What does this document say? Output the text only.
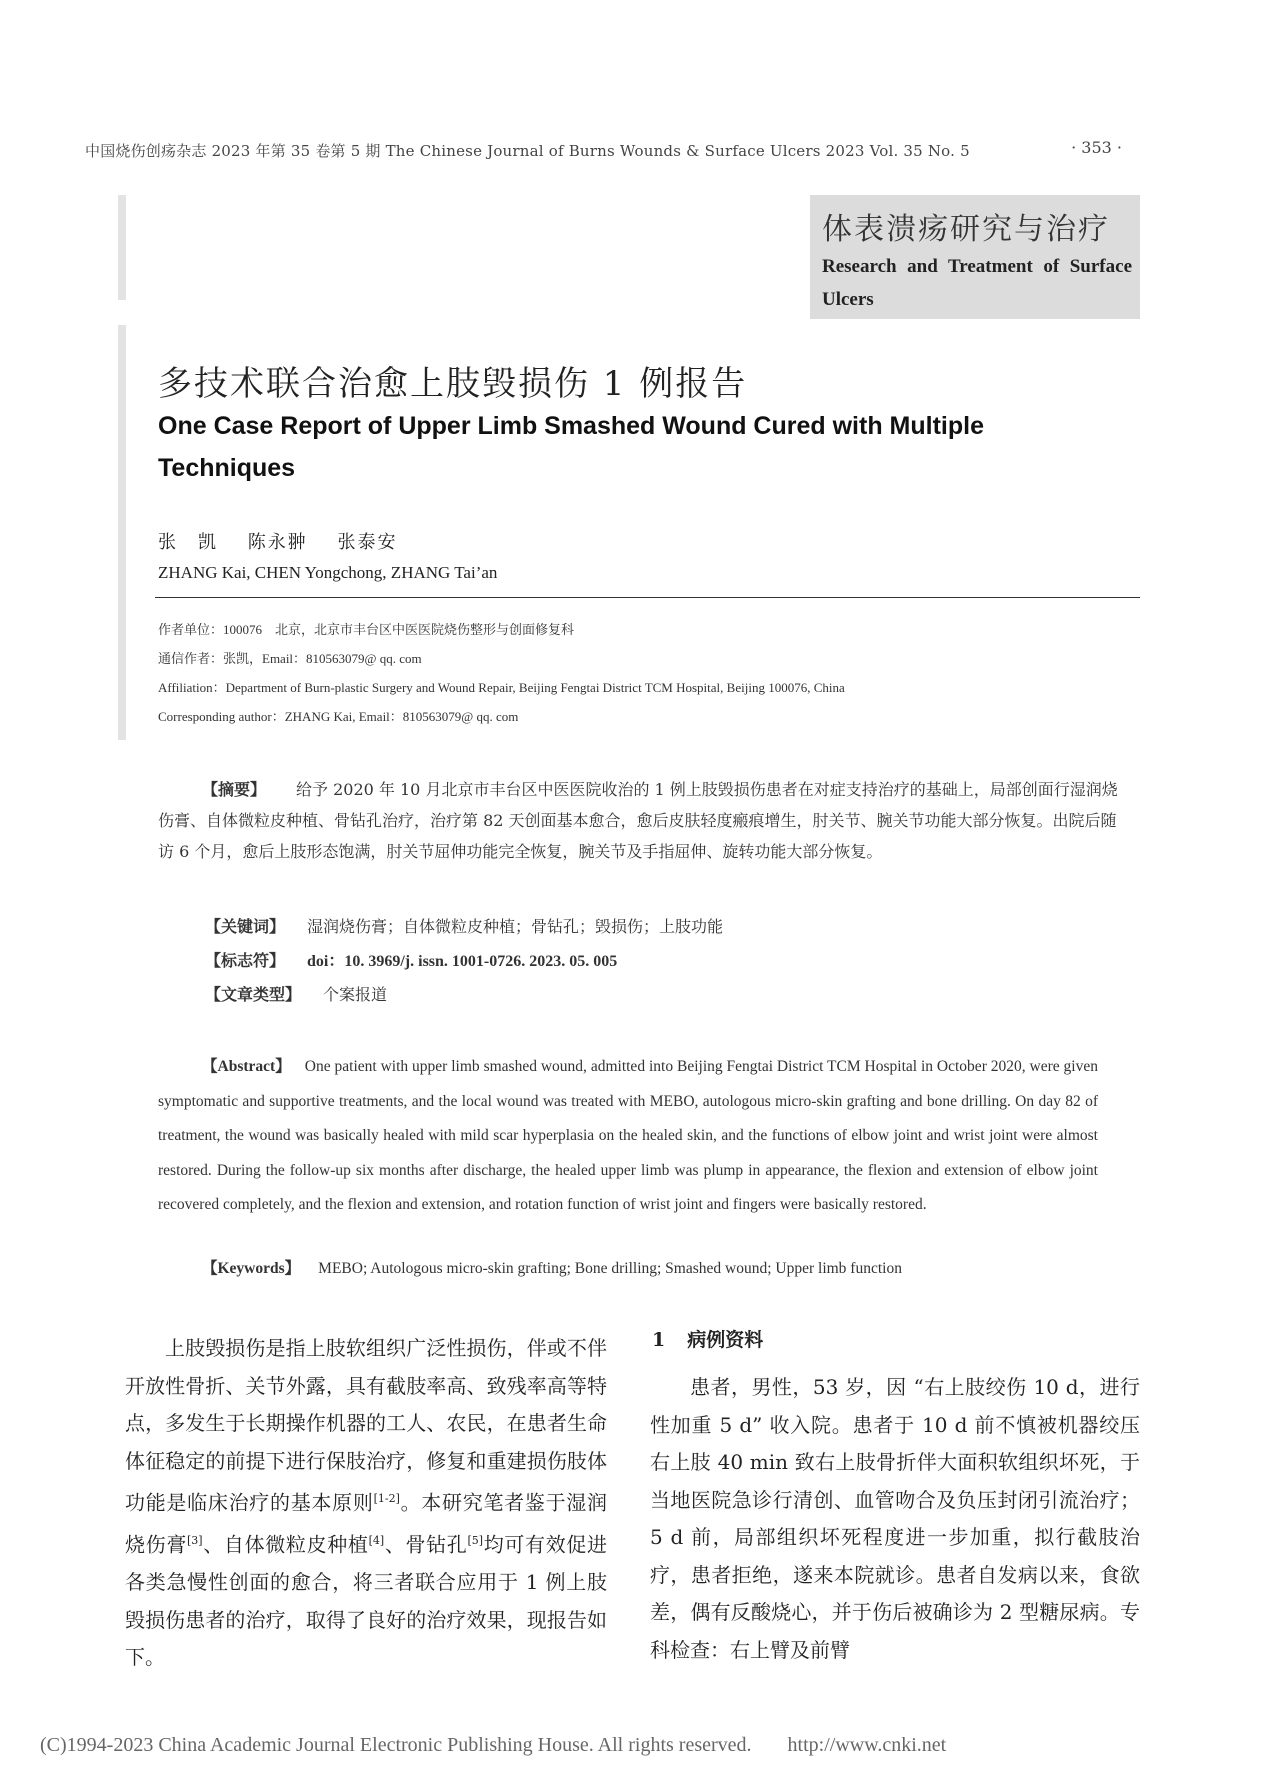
中国烧伤创疡杂志 2023 年第 35 卷第 5 期 The Chinese Journal of Burns Wounds & Surface Ulcers 2023 Vol. 35 No. 5	· 353 ·
体表溃疡研究与治疗
Research and Treatment of Surface Ulcers
多技术联合治愈上肢毁损伤 1 例报告
One Case Report of Upper Limb Smashed Wound Cured with Multiple Techniques
张　凯 陈永翀 张泰安
ZHANG Kai, CHEN Yongchong, ZHANG Tai’an
作者单位：100076　北京，北京市丰台区中医医院烧伤整形与创面修复科
通信作者：张凯，Email：810563079@ qq. com
Affiliation：Department of Burn-plastic Surgery and Wound Repair, Beijing Fengtai District TCM Hospital, Beijing 100076, China
Corresponding author：ZHANG Kai, Email：810563079@ qq. com
【摘要】 给予 2020 年 10 月北京市丰台区中医医院收治的 1 例上肢毁损伤患者在对症支持治疗的基础上，局部创面行湿润烧伤膏、自体微粒皮种植、骨钻孔治疗，治疗第 82 天创面基本愈合，愈后皮肤轻度瘢痕增生，肘关节、腕关节功能大部分恢复。出院后随访 6 个月，愈后上肢形态饱满，肘关节屈伸功能完全恢复，腕关节及手指屈伸、旋转功能大部分恢复。
【关键词】 湿润烧伤膏；自体微粒皮种植；骨钻孔；毁损伤；上肢功能
【标志符】 doi：10. 3969/j. issn. 1001-0726. 2023. 05. 005
【文章类型】 个案报道
【Abstract】 One patient with upper limb smashed wound, admitted into Beijing Fengtai District TCM Hospital in October 2020, were given symptomatic and supportive treatments, and the local wound was treated with MEBO, autologous micro-skin grafting and bone drilling. On day 82 of treatment, the wound was basically healed with mild scar hyperplasia on the healed skin, and the functions of elbow joint and wrist joint were almost restored. During the follow-up six months after discharge, the healed upper limb was plump in appearance, the flexion and extension of elbow joint recovered completely, and the flexion and extension, and rotation function of wrist joint and fingers were basically restored.
【Keywords】 MEBO; Autologous micro-skin grafting; Bone drilling; Smashed wound; Upper limb function
上肢毁损伤是指上肢软组织广泛性损伤，伴或不伴开放性骨折、关节外露，具有截肢率高、致残率高等特点，多发生于长期操作机器的工人、农民，在患者生命体征稳定的前提下进行保肢治疗，修复和重建损伤肢体功能是临床治疗的基本原则[1-2]。本研究笔者鉴于湿润烧伤膏[3]、自体微粒皮种植[4]、骨钻孔[5]均可有效促进各类急慢性创面的愈合，将三者联合应用于 1 例上肢毁损伤患者的治疗，取得了良好的治疗效果，现报告如下。
1 病例资料
患者，男性，53 岁，因 “右上肢绞伤 10 d，进行性加重 5 d” 收入院。患者于 10 d 前不慎被机器绞压右上肢 40 min 致右上肢骨折伴大面积软组织坏死，于当地医院急诊行清创、血管吻合及负压封闭引流治疗；5 d 前，局部组织坏死程度进一步加重，拟行截肢治疗，患者拒绝，遂来本院就诊。患者自发病以来，食欲差，偶有反酸烧心，并于伤后被确诊为 2 型糖尿病。专科检查：右上臂及前臂
(C)1994-2023 China Academic Journal Electronic Publishing House. All rights reserved. http://www.cnki.net
